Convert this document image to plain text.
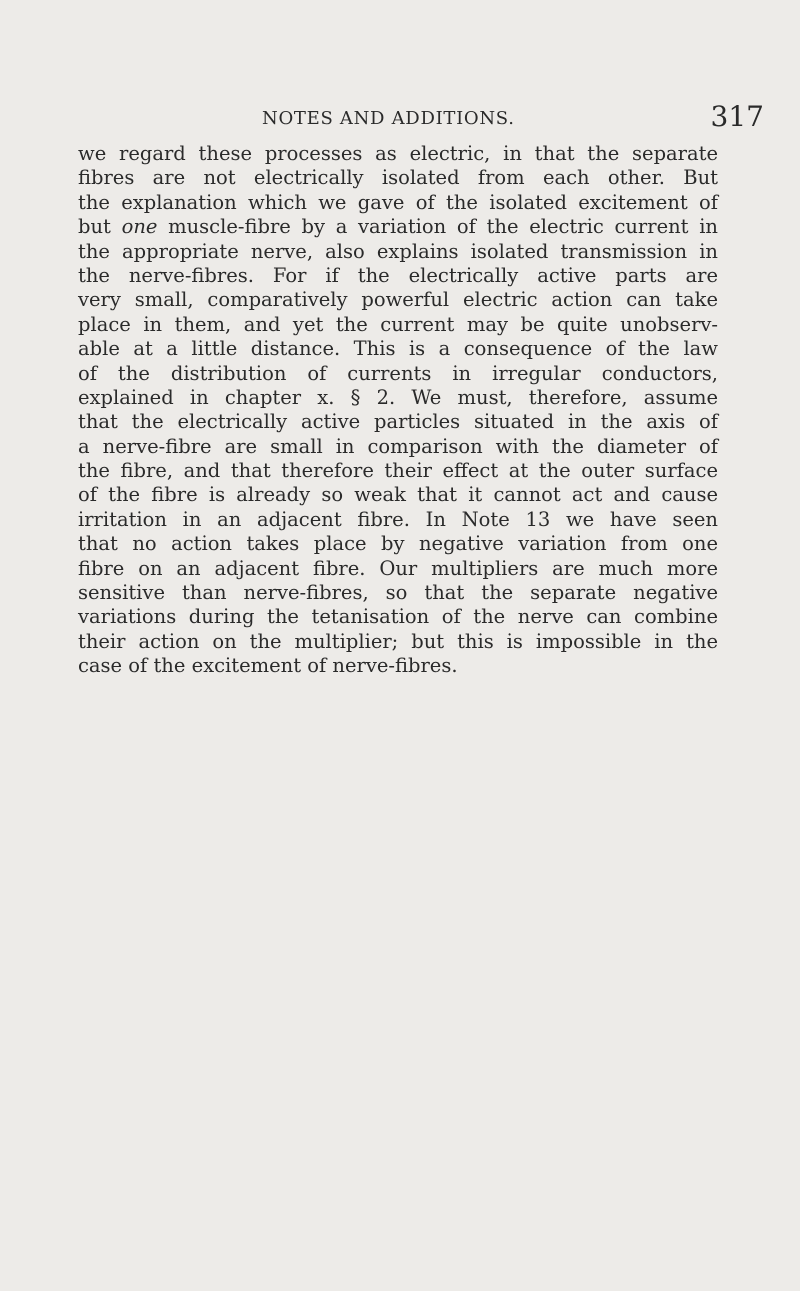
NOTES AND ADDITIONS.	317
we regard these processes as electric, in that the separate
fibres are not electrically isolated from each other. But
the explanation which we gave of the isolated excitement of
but one muscle-fibre by a variation of the electric current in
the appropriate nerve, also explains isolated transmission in
the nerve-fibres. For if the electrically active parts are
very small, comparatively powerful electric action can take
place in them, and yet the current may be quite unobserv-
able at a little distance. This is a consequence of the law
of the distribution of currents in irregular conductors,
explained in chapter x. § 2. We must, therefore, assume
that the electrically active particles situated in the axis of
a nerve-fibre are small in comparison with the diameter of
the fibre, and that therefore their effect at the outer surface
of the fibre is already so weak that it cannot act and cause
irritation in an adjacent fibre. In Note 13 we have seen
that no action takes place by negative variation from one
fibre on an adjacent fibre. Our multipliers are much more
sensitive than nerve-fibres, so that the separate negative
variations during the tetanisation of the nerve can combine
their action on the multiplier; but this is impossible in the
case of the excitement of nerve-fibres.
